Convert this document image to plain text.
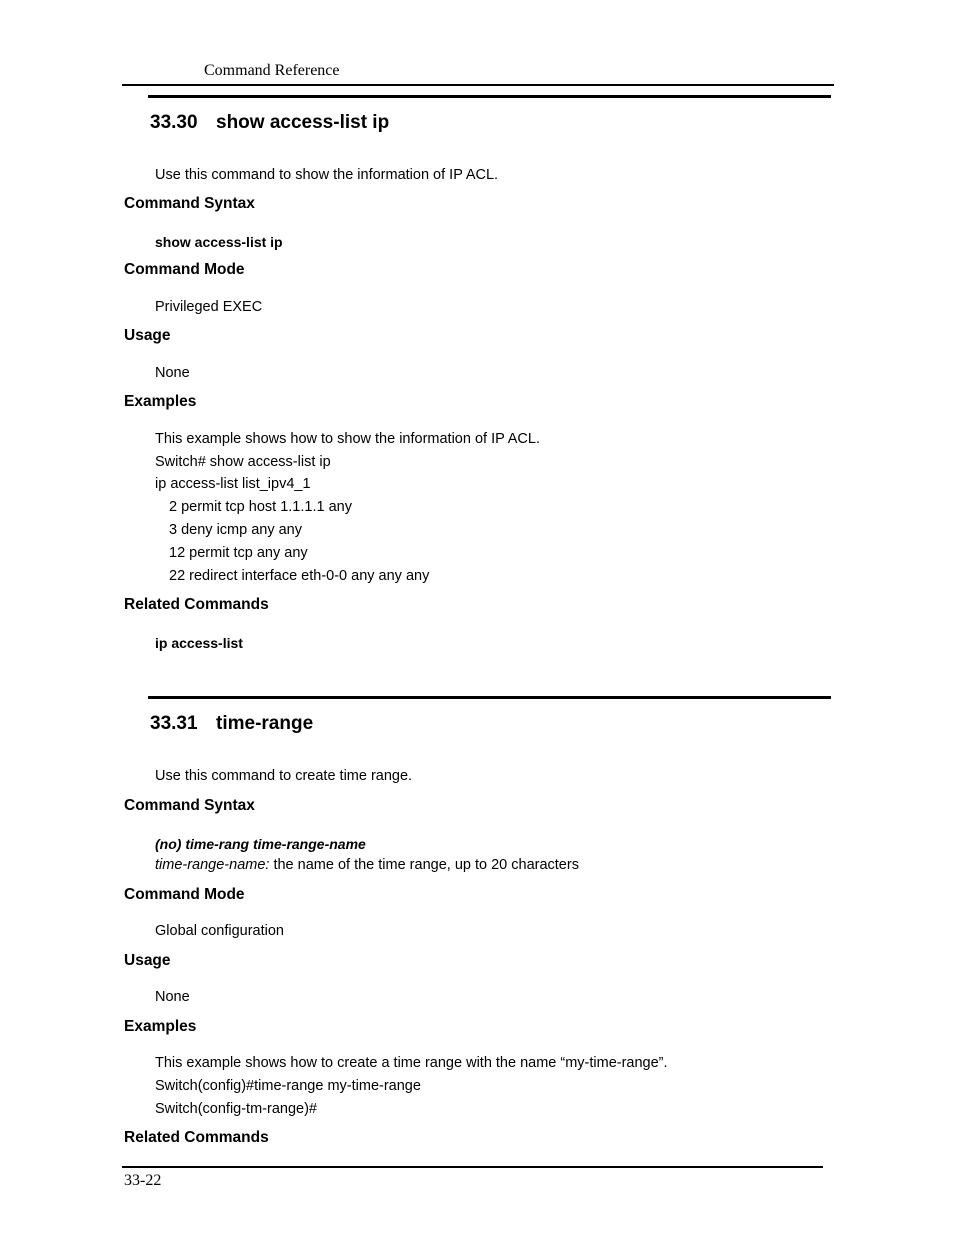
Command Reference
33.30 show access-list ip
Use this command to show the information of IP ACL.
Command Syntax
show access-list ip
Command Mode
Privileged EXEC
Usage
None
Examples
This example shows how to show the information of IP ACL.
Switch# show access-list ip
ip access-list list_ipv4_1
2 permit tcp host 1.1.1.1 any
3 deny icmp any any
12 permit tcp any any
22 redirect interface eth-0-0 any any any
Related Commands
ip access-list
33.31 time-range
Use this command to create time range.
Command Syntax
(no) time-rang time-range-name
time-range-name: the name of the time range, up to 20 characters
Command Mode
Global configuration
Usage
None
Examples
This example shows how to create a time range with the name “my-time-range”.
Switch(config)#time-range my-time-range
Switch(config-tm-range)#
Related Commands
33-22
